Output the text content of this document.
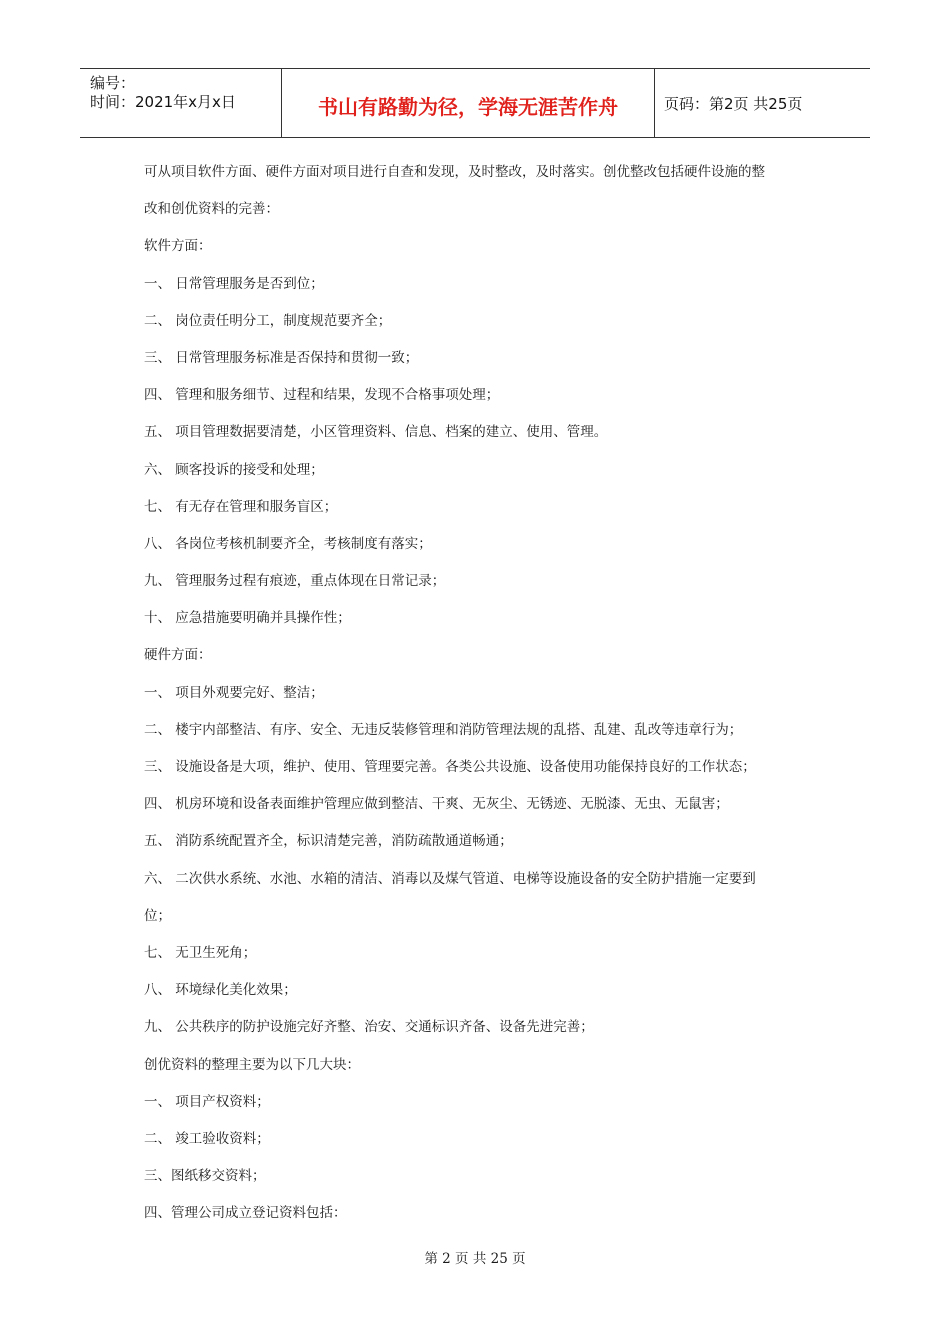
编号：
时间：2021年x月x日	书山有路勤为径，学海无涯苦作舟	页码：第2页 共25页
可从项目软件方面、硬件方面对项目进行自查和发现，及时整改，及时落实。创优整改包括硬件设施的整
改和创优资料的完善：
软件方面：
一、 日常管理服务是否到位；
二、 岗位责任明分工，制度规范要齐全；
三、 日常管理服务标准是否保持和贯彻一致；
四、 管理和服务细节、过程和结果，发现不合格事项处理；
五、 项目管理数据要清楚，小区管理资料、信息、档案的建立、使用、管理。
六、 顾客投诉的接受和处理；
七、 有无存在管理和服务盲区；
八、 各岗位考核机制要齐全，考核制度有落实；
九、 管理服务过程有痕迹，重点体现在日常记录；
十、 应急措施要明确并具操作性；
硬件方面：
一、 项目外观要完好、整洁；
二、 楼宇内部整洁、有序、安全、无违反装修管理和消防管理法规的乱搭、乱建、乱改等违章行为；
三、 设施设备是大项，维护、使用、管理要完善。各类公共设施、设备使用功能保持良好的工作状态；
四、 机房环境和设备表面维护管理应做到整洁、干爽、无灰尘、无锈迹、无脱漆、无虫、无鼠害；
五、 消防系统配置齐全，标识清楚完善，消防疏散通道畅通；
六、 二次供水系统、水池、水箱的清洁、消毒以及煤气管道、电梯等设施设备的安全防护措施一定要到
位；
七、 无卫生死角；
八、 环境绿化美化效果；
九、 公共秩序的防护设施完好齐整、治安、交通标识齐备、设备先进完善；
创优资料的整理主要为以下几大块：
一、 项目产权资料；
二、 竣工验收资料；
三、图纸移交资料；
四、管理公司成立登记资料包括：
第 2 页 共 25 页
